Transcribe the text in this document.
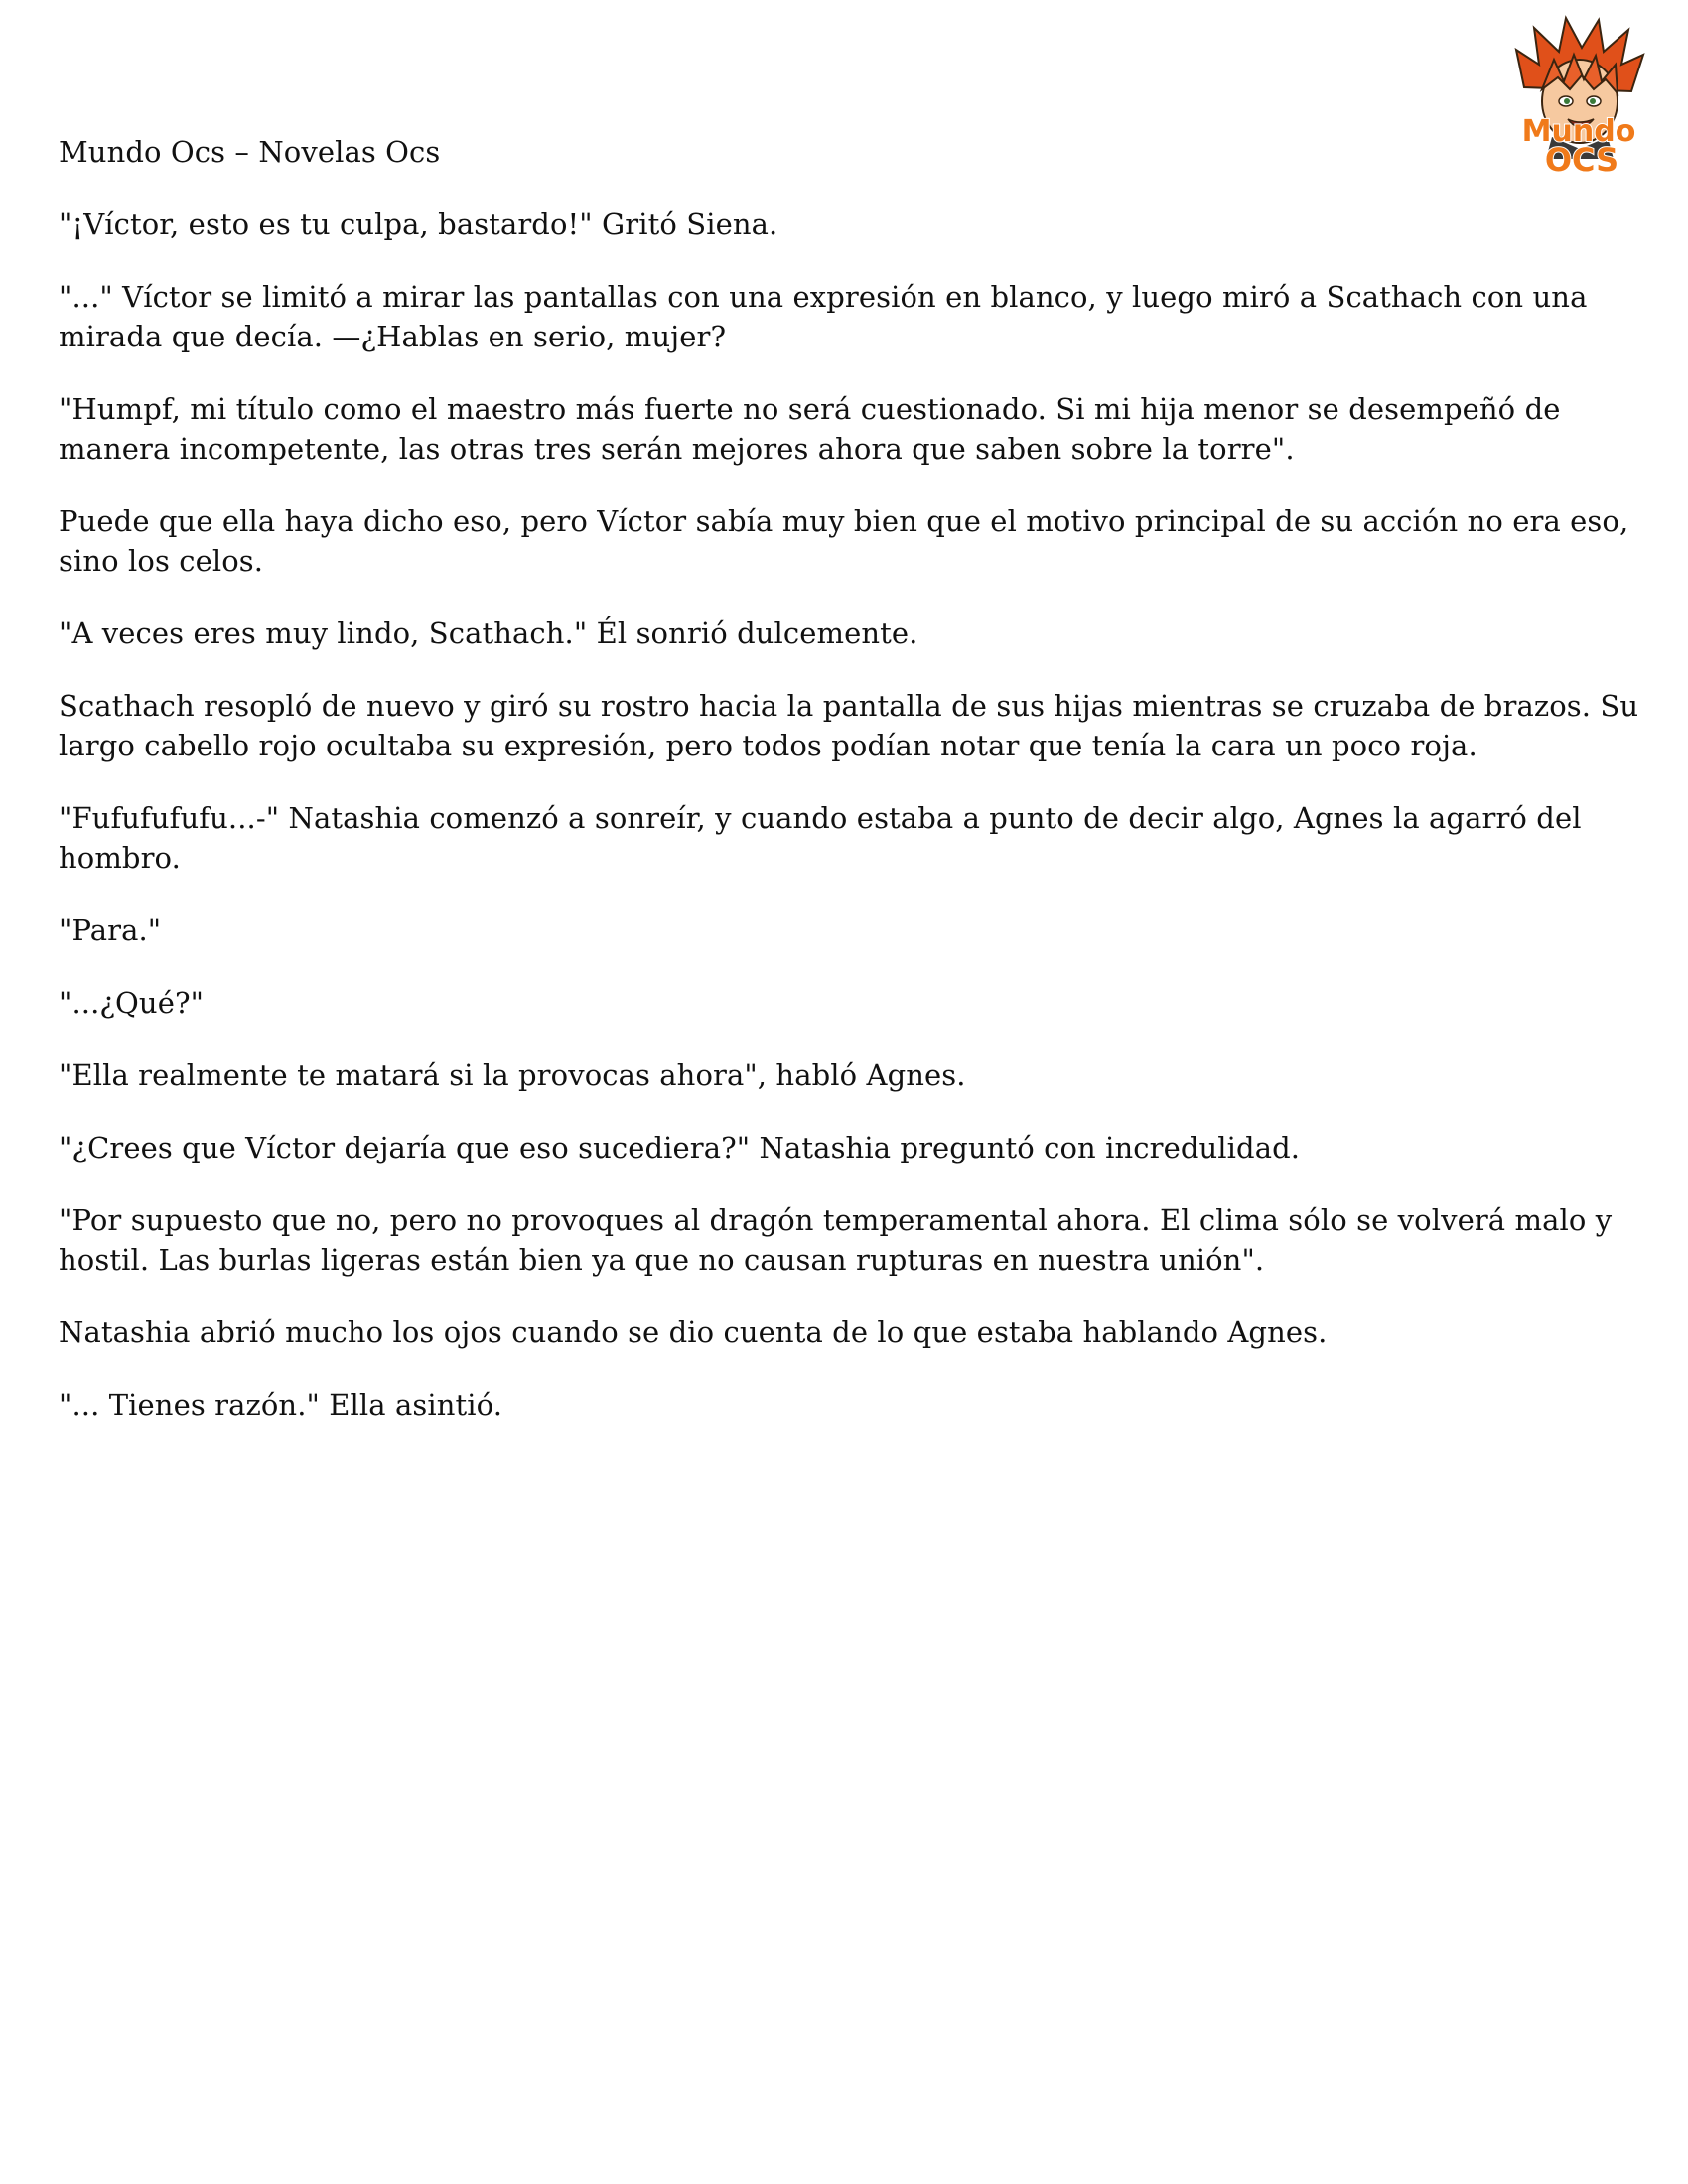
Mundo
OCS

Mundo Ocs – Novelas Ocs

"¡Víctor, esto es tu culpa, bastardo!" Gritó Siena.

"..." Víctor se limitó a mirar las pantallas con una expresión en blanco, y luego miró a Scathach con una mirada que decía. —¿Hablas en serio, mujer?

"Humpf, mi título como el maestro más fuerte no será cuestionado. Si mi hija menor se desempeñó de manera incompetente, las otras tres serán mejores ahora que saben sobre la torre".

Puede que ella haya dicho eso, pero Víctor sabía muy bien que el motivo principal de su acción no era eso, sino los celos.

"A veces eres muy lindo, Scathach." Él sonrió dulcemente.

Scathach resopló de nuevo y giró su rostro hacia la pantalla de sus hijas mientras se cruzaba de brazos. Su largo cabello rojo ocultaba su expresión, pero todos podían notar que tenía la cara un poco roja.

"Fufufufufu...-" Natashia comenzó a sonreír, y cuando estaba a punto de decir algo, Agnes la agarró del hombro.

"Para."

"...¿Qué?"

"Ella realmente te matará si la provocas ahora", habló Agnes.

"¿Crees que Víctor dejaría que eso sucediera?" Natashia preguntó con incredulidad.

"Por supuesto que no, pero no provoques al dragón temperamental ahora. El clima sólo se volverá malo y hostil. Las burlas ligeras están bien ya que no causan rupturas en nuestra unión".

Natashia abrió mucho los ojos cuando se dio cuenta de lo que estaba hablando Agnes.

"... Tienes razón." Ella asintió.
